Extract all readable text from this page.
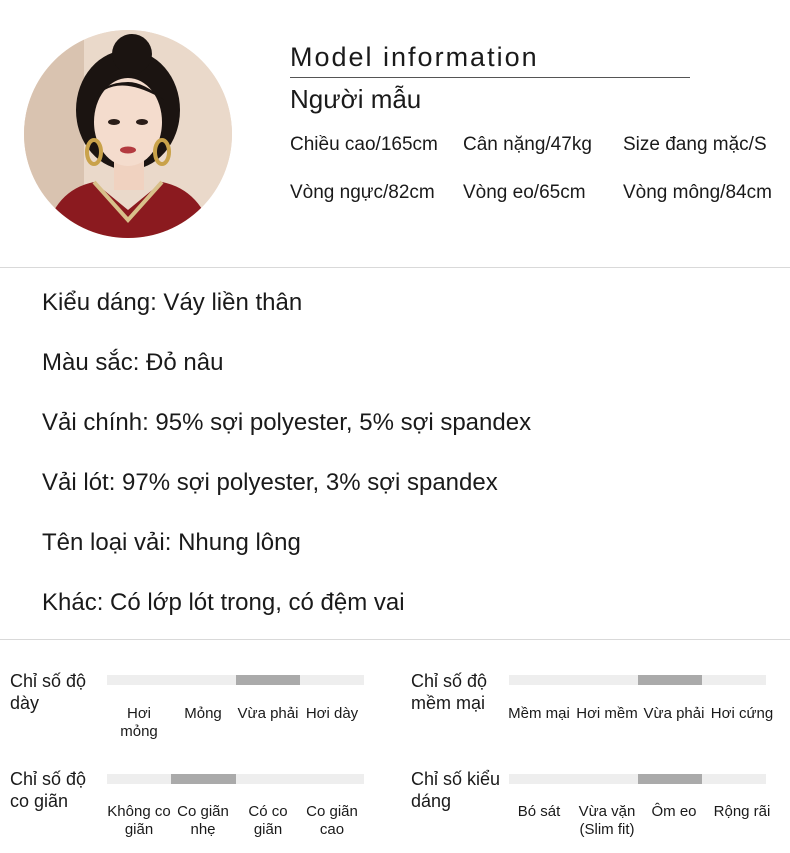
Model information
Người mẫu
Chiều cao/165cm Cân nặng/47kg Size đang mặc/S
Vòng ngực/82cm Vòng eo/65cm Vòng mông/84cm
Kiểu dáng: Váy liền thân
Màu sắc: Đỏ nâu
Vải chính: 95% sợi polyester, 5% sợi spandex
Vải lót: 97% sợi polyester, 3% sợi spandex
Tên loại vải: Nhung lông
Khác: Có lớp lót trong, có đệm vai
Chỉ số độ dày
Hơi mỏng
Mỏng	Vừa phải Hơi dày
Chỉ số độ mềm mại
Mềm mại Hơi mềm Vừa phải Hơi cứng
Chỉ số độ co giãn
Không co giãn
Co giãn nhẹ
Có co giãn
Co giãn cao
Chỉ số kiểu dáng
Bó sát	Vừa vặn (Slim fit)
Ôm eo	Rộng rãi
